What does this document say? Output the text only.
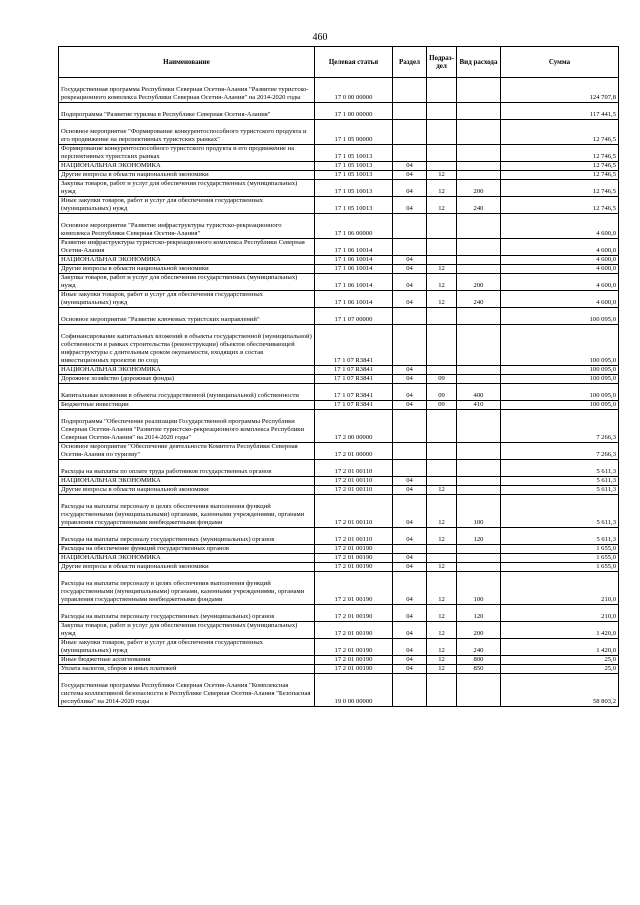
460
Наименование	Целевая статья	Раздел	Подраз-дел	Вид расхода	Сумма
Государственная программа Республики Северная Осетия-Алания "Развитие туристско-рекреационного комплекса Республики Северная Осетия-Алания" на 2014-2020 годы	17 0 00 00000				124 707,8
Подпрограмма "Развитие туризма в Республике Северная Осетия-Алания"	17 1 00 00000				117 441,5
Основное мероприятие "Формирование конкурентоспособного туристского продукта и его продвижение на перспективных туристских рынках"	17 1 05 00000				12 746,5
Формирование конкурентоспособного туристского продукта и его продвижение на перспективных туристских рынках	17 1 05 10013				12 746,5
НАЦИОНАЛЬНАЯ ЭКОНОМИКА	17 1 05 10013	04			12 746,5
Другие вопросы в области национальной экономики	17 1 05 10013	04	12		12 746,5
Закупка товаров, работ и услуг для обеспечения государственных (муниципальных) нужд	17 1 05 10013	04	12	200	12 746,5
Иные закупки товаров, работ и услуг для обеспечения государственных (муниципальных) нужд	17 1 05 10013	04	12	240	12 746,5
Основное мероприятие "Развитие инфраструктуры туристско-рекреационного комплекса Республики Северная Осетия-Алания"	17 1 06 00000				4 600,0
Развитие инфраструктуры туристско-рекреационного комплекса Республики Северная Осетия-Алания	17 1 06 10014				4 600,0
НАЦИОНАЛЬНАЯ ЭКОНОМИКА	17 1 06 10014	04			4 600,0
Другие вопросы в области национальной экономики	17 1 06 10014	04	12		4 600,0
Закупка товаров, работ и услуг для обеспечения государственных (муниципальных) нужд	17 1 06 10014	04	12	200	4 600,0
Иные закупки товаров, работ и услуг для обеспечения государственных (муниципальных) нужд	17 1 06 10014	04	12	240	4 600,0
Основное мероприятие "Развитие ключевых туристских направлений"	17 1 07 00000				100 095,0
Софинансирование капитальных вложений в объекты государственной (муниципальной) собственности в рамках строительства (реконструкции) объектов обеспечивающей инфраструктуры с длительным сроком окупаемости, входящих в состав инвестиционных проектов по созд	17 1 07 R3841				100 095,0
НАЦИОНАЛЬНАЯ ЭКОНОМИКА	17 1 07 R3841	04			100 095,0
Дорожное хозяйство (дорожные фонды)	17 1 07 R3841	04	09		100 095,0
Капитальные вложения в объекты государственной (муниципальной) собственности	17 1 07 R3841	04	09	400	100 095,0
Бюджетные инвестиции	17 1 07 R3841	04	09	410	100 095,0
Подпрограмма "Обеспечение реализации Государственной программы Республики Северная Осетия-Алания "Развитие туристско-рекреационного комплекса Республики Северная Осетия-Алания" на 2014-2020 годы"	17 2 00 00000				7 266,3
Основное мероприятие "Обеспечение деятельности Комитета Республики Северная Осетия-Алания по туризму"	17 2 01 00000				7 266,3
Расходы на выплаты по оплате труда работников государственных органов	17 2 01 00110				5 611,3
НАЦИОНАЛЬНАЯ ЭКОНОМИКА	17 2 01 00110	04			5 611,3
Другие вопросы в области национальной экономики	17 2 01 00110	04	12		5 611,3
Расходы на выплаты персоналу в целях обеспечения выполнения функций государственными (муниципальными) органами, казенными учреждениями, органами управления государственными внебюджетными фондами	17 2 01 00110	04	12	100	5 611,3
Расходы на выплаты персоналу государственных (муниципальных) органов	17 2 01 00110	04	12	120	5 611,3
Расходы на обеспечение функций государственных органов	17 2 01 00190				1 655,0
НАЦИОНАЛЬНАЯ ЭКОНОМИКА	17 2 01 00190	04			1 655,0
Другие вопросы в области национальной экономики	17 2 01 00190	04	12		1 655,0
Расходы на выплаты персоналу в целях обеспечения выполнения функций государственными (муниципальными) органами, казенными учреждениями, органами управления государственными внебюджетными фондами	17 2 01 00190	04	12	100	210,0
Расходы на выплаты персоналу государственных (муниципальных) органов	17 2 01 00190	04	12	120	210,0
Закупка товаров, работ и услуг для обеспечения государственных (муниципальных) нужд	17 2 01 00190	04	12	200	1 420,0
Иные закупки товаров, работ и услуг для обеспечения государственных (муниципальных) нужд	17 2 01 00190	04	12	240	1 420,0
Иные бюджетные ассигнования	17 2 01 00190	04	12	800	25,0
Уплата налогов, сборов и иных платежей	17 2 01 00190	04	12	850	25,0
Государственная программа Республики Северная Осетия-Алания "Комплексная система коллективной безопасности в Республике Северная Осетия-Алания "Безопасная республика" на 2014-2020 годы	19 0 00 00000				58 803,2
